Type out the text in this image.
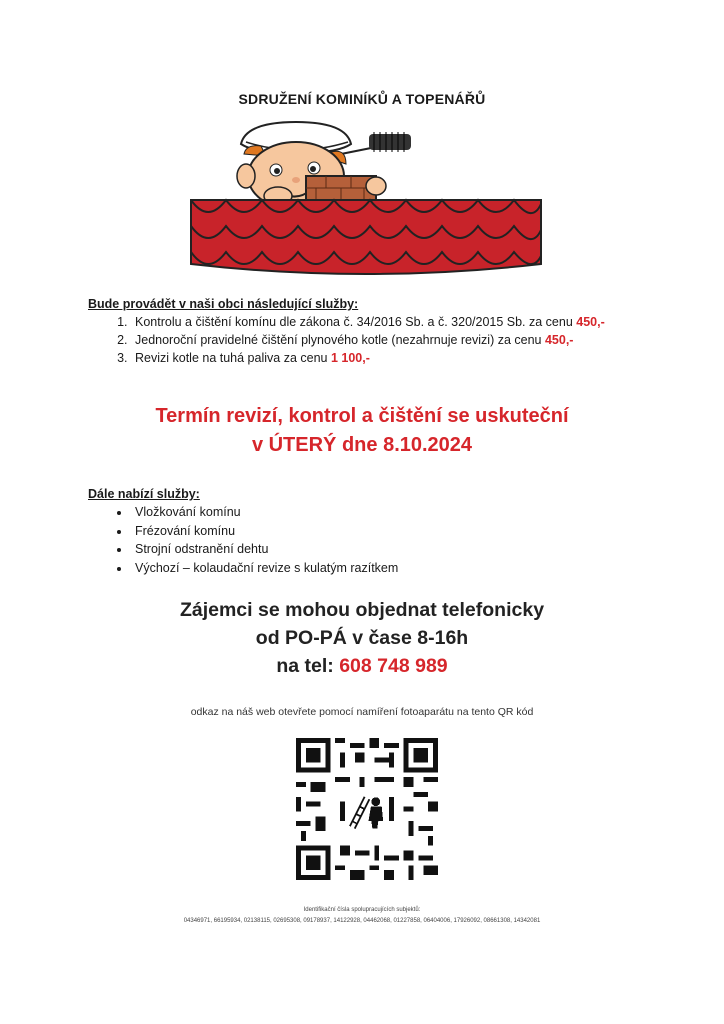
SDRUŽENÍ KOMINÍKŮ A TOPENÁŘŮ
Bude provádět v naši obci následující služby:
1. Kontrolu a čištění komínu dle zákona č. 34/2016 Sb. a č. 320/2015 Sb. za cenu 450,-
2. Jednoroční pravidelné čištění plynového kotle (nezahrnuje revizi) za cenu 450,-
3. Revizi kotle na tuhá paliva za cenu 1 100,-
Termín revizí, kontrol a čištění se uskuteční
v ÚTERÝ dne 8.10.2024
Dále nabízí služby:
• Vložkování komínu
• Frézování komínu
• Strojní odstranění dehtu
• Výchozí – kolaudační revize s kulatým razítkem
Zájemci se mohou objednat telefonicky
od PO-PÁ v čase 8-16h
na tel: 608 748 989
odkaz na náš web otevřete pomocí namíření fotoaparátu na tento QR kód
Identifikační čísla spolupracujících subjektů:
04346971, 66195934, 02138115, 02695308, 09178937, 14122928, 04462068, 01227858, 06404006, 17926092, 08661308, 14342081
